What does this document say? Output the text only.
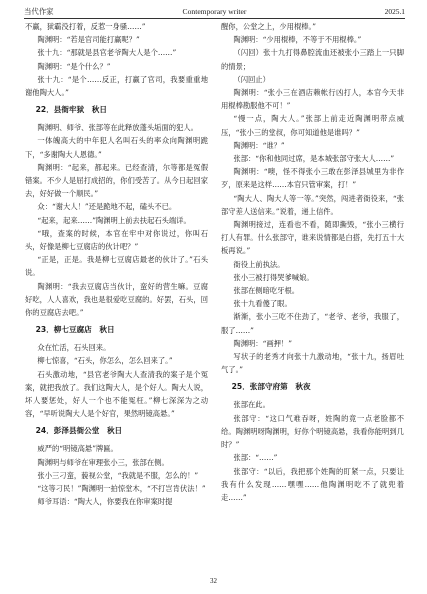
当代作家	Contemporary writer	2025.1

不赢，狱霸没打着，反惹一身骚……”

陶渊明：“若是官司能打赢呢？”

张十九：“那就是县官老爷陶大人是个……”

陶渊明：“是个什么？”

张十九：“是个……反正，打赢了官司，我要重重地谢他陶大人。”

22．县衙牢狱　秋日

陶渊明、师爷、张部等在此释放蓬头垢面的犯人。

一体魄高大的中年犯人名叫石头的率众向陶渊明跪下，“多谢陶大人恩德。”

陶渊明：“起来，都起来。已经查清，尔等都是冤假错案。不少人是屈打成招的，你们受苦了。从今日起回家去，好好做一个顺民。”

众：“谢大人！”还是跪地不起，磕头不已。

“起来，起来……”陶渊明上前去扶起石头端详。

“哦，查案的时候，本官在牢中对你说过，你叫石头，好像是柳七豆腐店的伙计吧？”

“正是，正是。我是柳七豆腐店最老的伙计了。”石头说。

陶渊明：“我去豆腐店当伙计，蛮好的营生嘛。豆腐好吃，人人喜欢，我也是很爱吃豆腐的。好罢，石头，回你的豆腐店去吧。”

23．柳七豆腐店　秋日

众在忙活，石头回来。

柳七惊喜，“石头，你怎么，怎么回来了。”

石头激动地，“县官老爷陶大人查清我的案子是个冤案，就把我放了。我们这陶大人，是个好人。陶大人说，坏人要惩处，好人一个也不能冤枉。”柳七深深为之动容，“早听说陶大人是个好官，果然明镜高悬。”

24．彭泽县衙公堂　秋日

威严的“明镜高悬”牌匾。

陶渊明与师爷在审理张小三，张部在侧。

张小三刁蛮，藐视公堂，“我就是不服，怎么的！”

“这等刁民！”陶渊明一拍惊堂木，“不打岂肯伏法！”

师爷耳语：“陶大人，你要我在你审案时提

醒你，公堂之上，少用棍棒。”

陶渊明：“少用棍棒，不等于不用棍棒。”

（闪回）张十九打得鼻腔流血还被张小三踏上一只脚的情景；

（闪回止）

陶渊明：“张小三在酒店赖帐行凶打人，本官今天非用棍棒勘服他不可！”

“慢一点，陶大人。”张部上前走近陶渊明带点威压，“张小三的堂叔，你可知道他是谁吗？”

陶渊明：“谁？”

张部：“你和他同过席，是本城张部守张大人……”

陶渊明：“噢，怪不得张小三敢在彭泽县城里为非作歹，原来是这样……本官只管审案，打！”

“陶大人、陶大人等一等。”突然，闯进者衙役来，“张部守差人送信来。”说着，递上信件。

陶渊明接过，连看也不看，随即撕毁，“张小三横行打人有罪。什么张部守，谁来说情都是白搭，先打五十大板再说。”

衙役上前执法。

张小三被打得哭爹喊娘。

张部在侧暗吃牙根。

张十九看傻了眼。

渐渐，张小三吃不住劲了，“老爷、老爷，我服了，服了……”

陶渊明：“画押！”

写状子的老秀才向张十九激动地，“张十九，扬眉吐气了。”

25．张部守府第　秋夜

张部在此。

张部守：“这口气难吞呀，姓陶的竟一点老脸都不给。陶渊明呀陶渊明，好你个明镜高悬，我看你能明到几时？”

张部：“……”

张部守：“以后，我把那个姓陶的盯紧一点，只要让我有什么发现……嘿嘿……他陶渊明吃不了就兜着走……”

32
